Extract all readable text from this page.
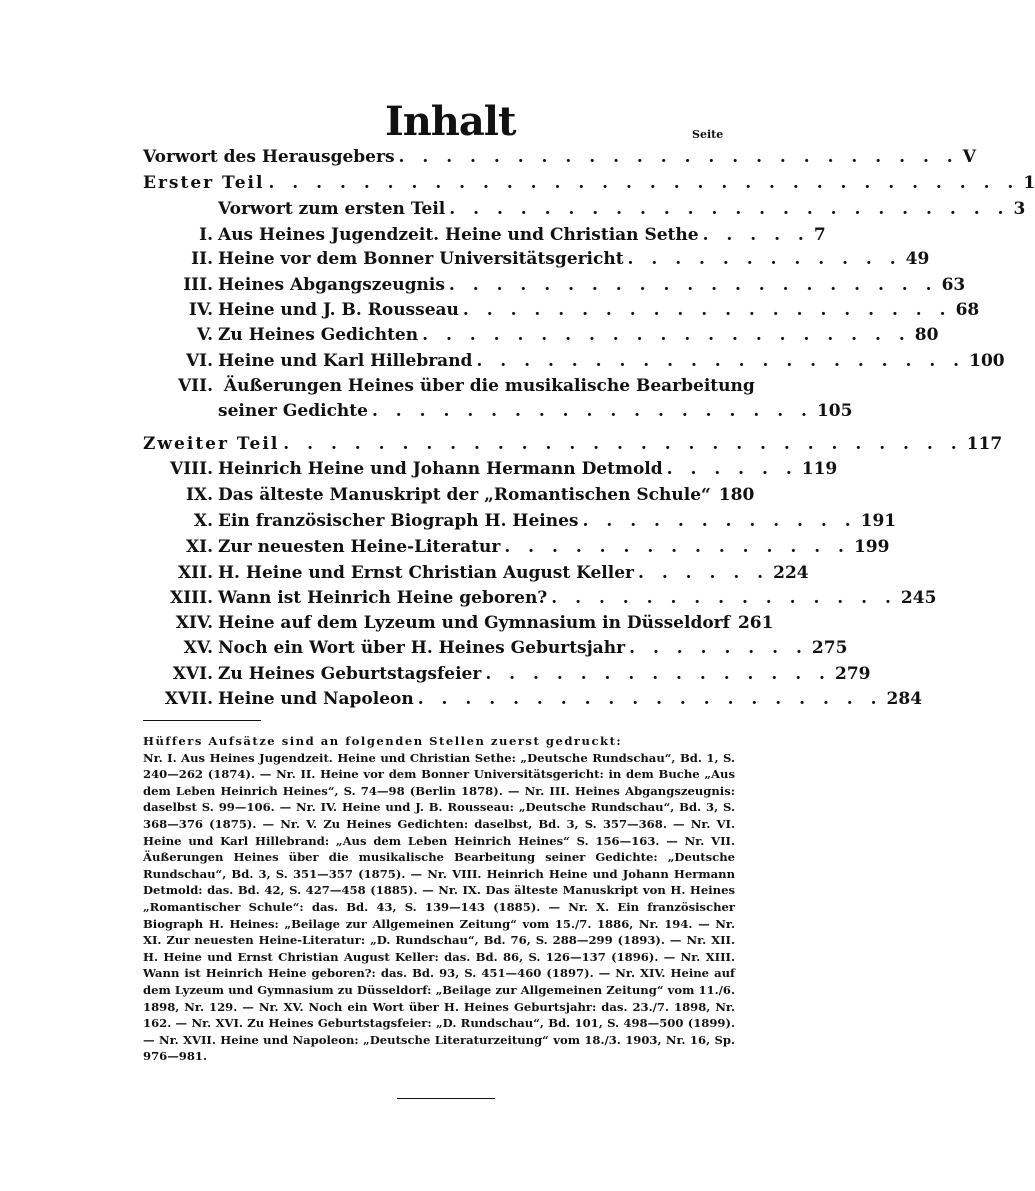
Inhalt	Seite
Vorwort des Herausgebers . . . . . . . . . . . . . . . . . . . . . . . . V
Erster Teil . . . . . . . . . . . . . . . . . . . . . . . . . . . . . . . . 1
Vorwort zum ersten Teil . . . . . . . . . . . . . . . . . . . . . . . . 3
I. Aus Heines Jugendzeit. Heine und Christian Sethe . . . . . 7
II. Heine vor dem Bonner Universitätsgericht . . . . . . . . . . . . 49
III. Heines Abgangszeugnis . . . . . . . . . . . . . . . . . . . . . 63
IV. Heine und J. B. Rousseau . . . . . . . . . . . . . . . . . . . . . 68
V. Zu Heines Gedichten . . . . . . . . . . . . . . . . . . . . . 80
VI. Heine und Karl Hillebrand . . . . . . . . . . . . . . . . . . . . . 100
VII. Äußerungen Heines über die musikalische Bearbeitung
seiner Gedichte . . . . . . . . . . . . . . . . . . . 105
Zweiter Teil . . . . . . . . . . . . . . . . . . . . . . . . . . . . . 117
VIII. Heinrich Heine und Johann Hermann Detmold . . . . . . 119
IX. Das älteste Manuskript der „Romantischen Schule“ 180
X. Ein französischer Biograph H. Heines . . . . . . . . . . . . 191
XI. Zur neuesten Heine-Literatur . . . . . . . . . . . . . . . 199
XII. H. Heine und Ernst Christian August Keller . . . . . . 224
XIII. Wann ist Heinrich Heine geboren? . . . . . . . . . . . . . . . 245
XIV. Heine auf dem Lyzeum und Gymnasium in Düsseldorf 261
XV. Noch ein Wort über H. Heines Geburtsjahr . . . . . . . . 275
XVI. Zu Heines Geburtstagsfeier . . . . . . . . . . . . . . . 279
XVII. Heine und Napoleon . . . . . . . . . . . . . . . . . . . . 284
Hüffers Aufsätze sind an folgenden Stellen zuerst gedruckt:
Nr. I. Aus Heines Jugendzeit. Heine und Christian Sethe: „Deutsche Rundschau“, Bd. 1, S. 240—262 (1874). — Nr. II. Heine vor dem Bonner Universitätsgericht: in dem Buche „Aus dem Leben Heinrich Heines“, S. 74—98 (Berlin 1878). — Nr. III. Heines Abgangszeugnis: daselbst S. 99—106. — Nr. IV. Heine und J. B. Rousseau: „Deutsche Rundschau“, Bd. 3, S. 368—376 (1875). — Nr. V. Zu Heines Gedichten: daselbst, Bd. 3, S. 357—368. — Nr. VI. Heine und Karl Hillebrand: „Aus dem Leben Heinrich Heines“ S. 156—163. — Nr. VII. Äußerungen Heines über die musikalische Bearbeitung seiner Gedichte: „Deutsche Rundschau“, Bd. 3, S. 351—357 (1875). — Nr. VIII. Heinrich Heine und Johann Hermann Detmold: das. Bd. 42, S. 427—458 (1885). — Nr. IX. Das älteste Manuskript von H. Heines „Romantischer Schule“: das. Bd. 43, S. 139—143 (1885). — Nr. X. Ein französischer Biograph H. Heines: „Beilage zur Allgemeinen Zeitung“ vom 15./7. 1886, Nr. 194. — Nr. XI. Zur neuesten Heine-Literatur: „D. Rundschau“, Bd. 76, S. 288—299 (1893). — Nr. XII. H. Heine und Ernst Christian August Keller: das. Bd. 86, S. 126—137 (1896). — Nr. XIII. Wann ist Heinrich Heine geboren?: das. Bd. 93, S. 451—460 (1897). — Nr. XIV. Heine auf dem Lyzeum und Gymnasium zu Düsseldorf: „Beilage zur Allgemeinen Zeitung“ vom 11./6. 1898, Nr. 129. — Nr. XV. Noch ein Wort über H. Heines Geburtsjahr: das. 23./7. 1898, Nr. 162. — Nr. XVI. Zu Heines Geburtstagsfeier: „D. Rundschau“, Bd. 101, S. 498—500 (1899). — Nr. XVII. Heine und Napoleon: „Deutsche Literaturzeitung“ vom 18./3. 1903, Nr. 16, Sp. 976—981.
